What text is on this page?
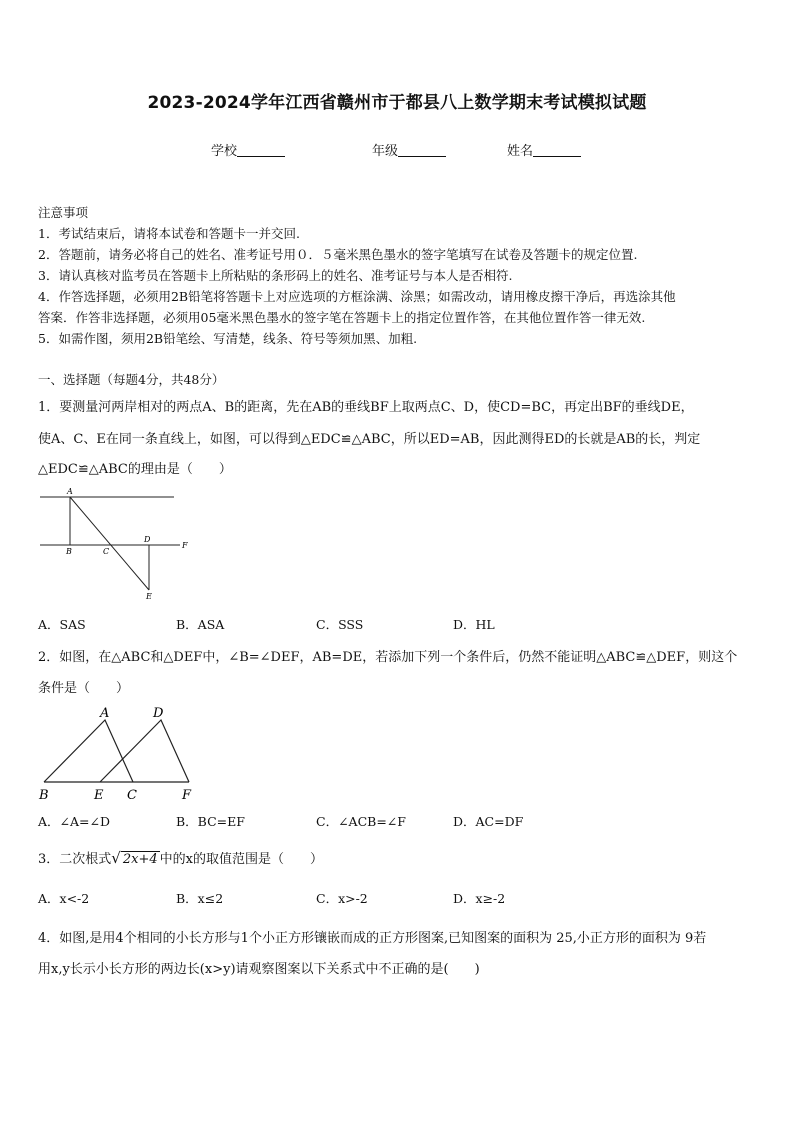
2023-2024学年江西省赣州市于都县八上数学期末考试模拟试题
学校	年级	姓名
注意事项
1．考试结束后，请将本试卷和答题卡一并交回.
2．答题前，请务必将自己的姓名、准考证号用０．５毫米黑色墨水的签字笔填写在试卷及答题卡的规定位置.
3．请认真核对监考员在答题卡上所粘贴的条形码上的姓名、准考证号与本人是否相符.
4．作答选择题，必须用2B铅笔将答题卡上对应选项的方框涂满、涂黑；如需改动，请用橡皮擦干净后，再选涂其他
答案．作答非选择题，必须用05毫米黑色墨水的签字笔在答题卡上的指定位置作答，在其他位置作答一律无效.
5．如需作图，须用2B铅笔绘、写清楚，线条、符号等须加黑、加粗.
一、选择题（每题4分，共48分）
1．要测量河两岸相对的两点A、B的距离，先在AB的垂线BF上取两点C、D，使CD=BC，再定出BF的垂线DE，
使A、C、E在同一条直线上，如图，可以得到△EDC≌△ABC，所以ED=AB，因此测得ED的长就是AB的长，判定
△EDC≌△ABC的理由是（　　）
A
B	C
D
F
E
A．SAS	B．ASA	C．SSS	D．HL
2．如图，在△ABC和△DEF中，∠B=∠DEF，AB=DE，若添加下列一个条件后，仍然不能证明△ABC≌△DEF，则这个
条件是（　　）
A	D
B	E C	F
A．∠A=∠D	B．BC=EF	C．∠ACB=∠F	D．AC=DF
3．二次根式√ 2x+4 中的x的取值范围是（　　）
A．x<-2	B．x≤2	C．x>-2	D．x≥-2
4．如图,是用4个相同的小长方形与1个小正方形镶嵌而成的正方形图案,已知图案的面积为 25,小正方形的面积为 9若
用x,y长示小长方形的两边长(x>y)请观察图案以下关系式中不正确的是(　　)
